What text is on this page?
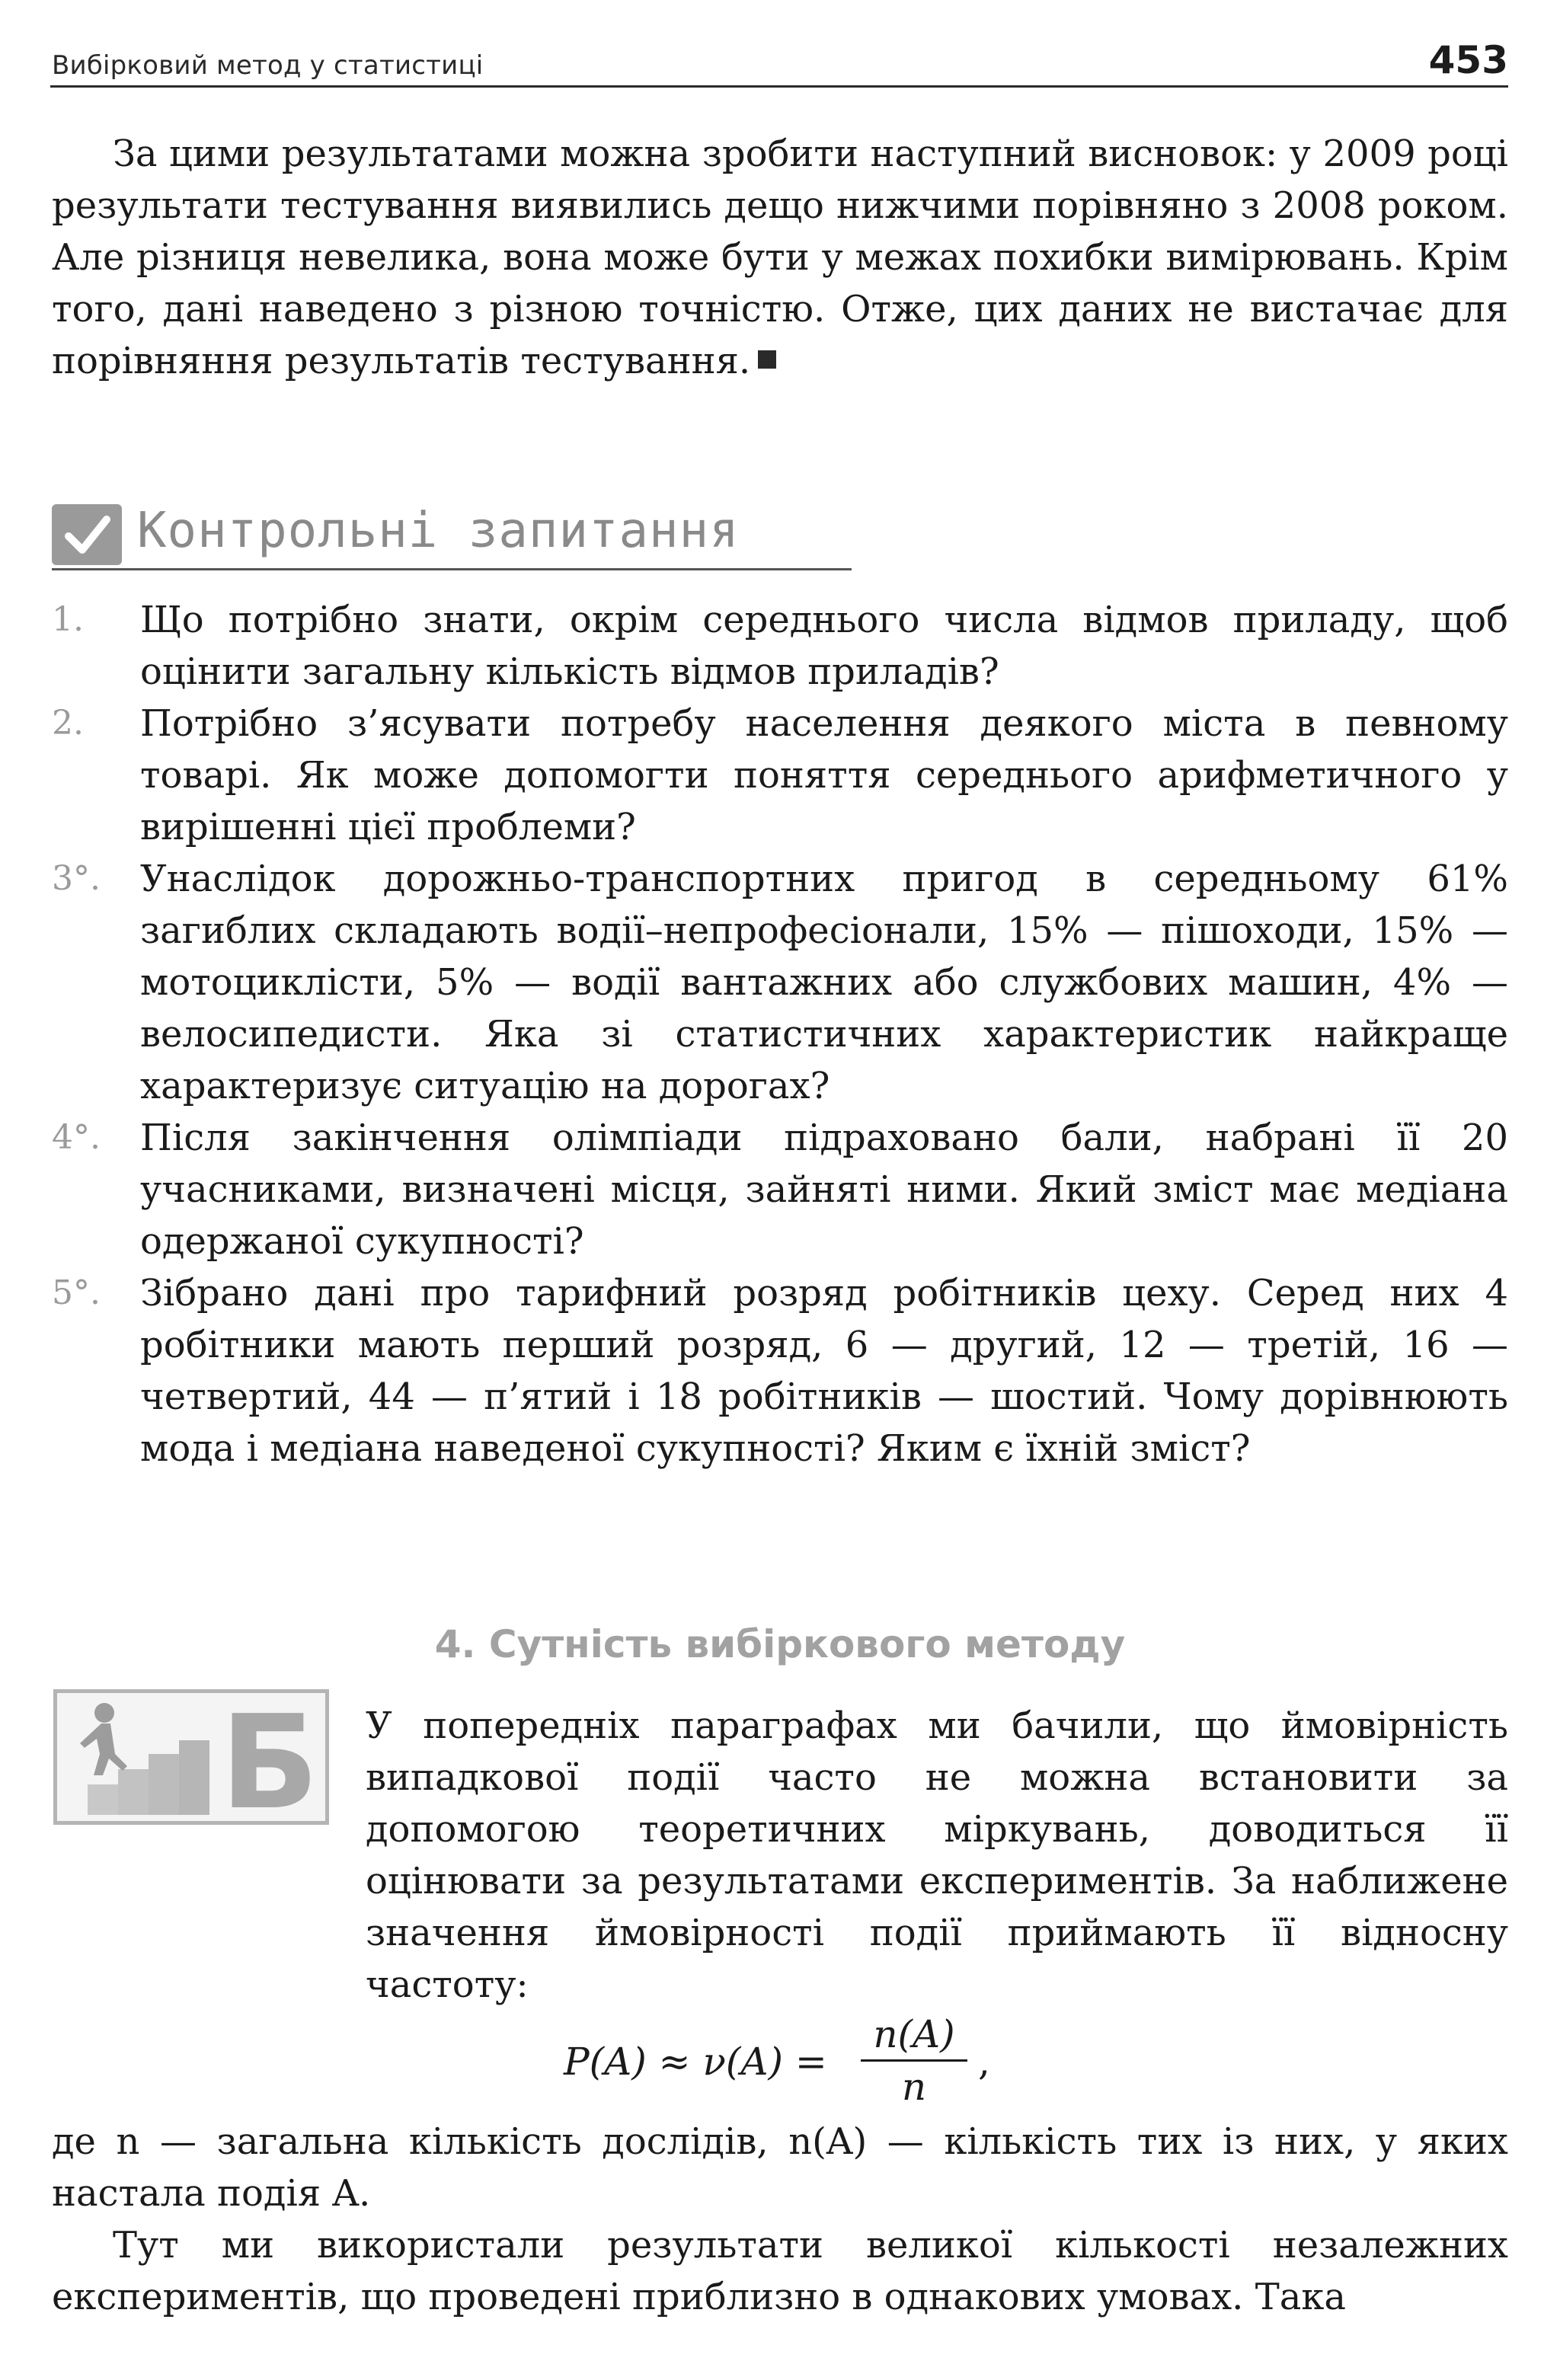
Вибірковий метод у статистиці	453

За цими результатами можна зробити наступний висновок: у 2009 році результати тестування виявились дещо нижчими порівняно з 2008 роком. Але різниця невелика, вона може бути у межах похибки вимірювань. Крім того, дані наведено з різною точністю. Отже, цих даних не вистачає для порівняння результатів тестування.

Контрольні запитання
1.	Що потрібно знати, окрім середнього числа відмов приладу, щоб оцінити загальну кількість відмов приладів?
2.	Потрібно з’ясувати потребу населення деякого міста в певному товарі. Як може допомогти поняття середнього арифметичного у вирішенні цієї проблеми?
3°.	Унаслідок дорожньо-транспортних пригод в середньому 61% загиблих складають водії–непрофесіонали, 15% — пішоходи, 15% — мотоциклісти, 5% — водії вантажних або службових машин, 4% — велосипедисти. Яка зі статистичних характеристик найкраще характеризує ситуацію на дорогах?
4°.	Після закінчення олімпіади підраховано бали, набрані її 20 учасниками, визначені місця, зайняті ними. Який зміст має медіана одержаної сукупності?
5°.	Зібрано дані про тарифний розряд робітників цеху. Серед них 4 робітники мають перший розряд, 6 — другий, 12 — третій, 16 — четвертий, 44 — п’ятий і 18 робітників — шостий. Чому дорівнюють мода і медіана наведеної сукупності? Яким є їхній зміст?
4. Сутність вибіркового методу
Б У попередніх параграфах ми бачили, що ймовірність випадкової події часто не можна встановити за допомогою теоретичних міркувань, доводиться її оцінювати за результатами експериментів. За наближене значення ймовірності події приймають її відносну частоту:

P(A) ≈ ν(A) =
n(A)
n
,

де n — загальна кількість дослідів, n(A) — кількість тих із них, у яких настала подія A.

Тут ми використали результати великої кількості незалежних експериментів, що проведені приблизно в однакових умовах. Така
